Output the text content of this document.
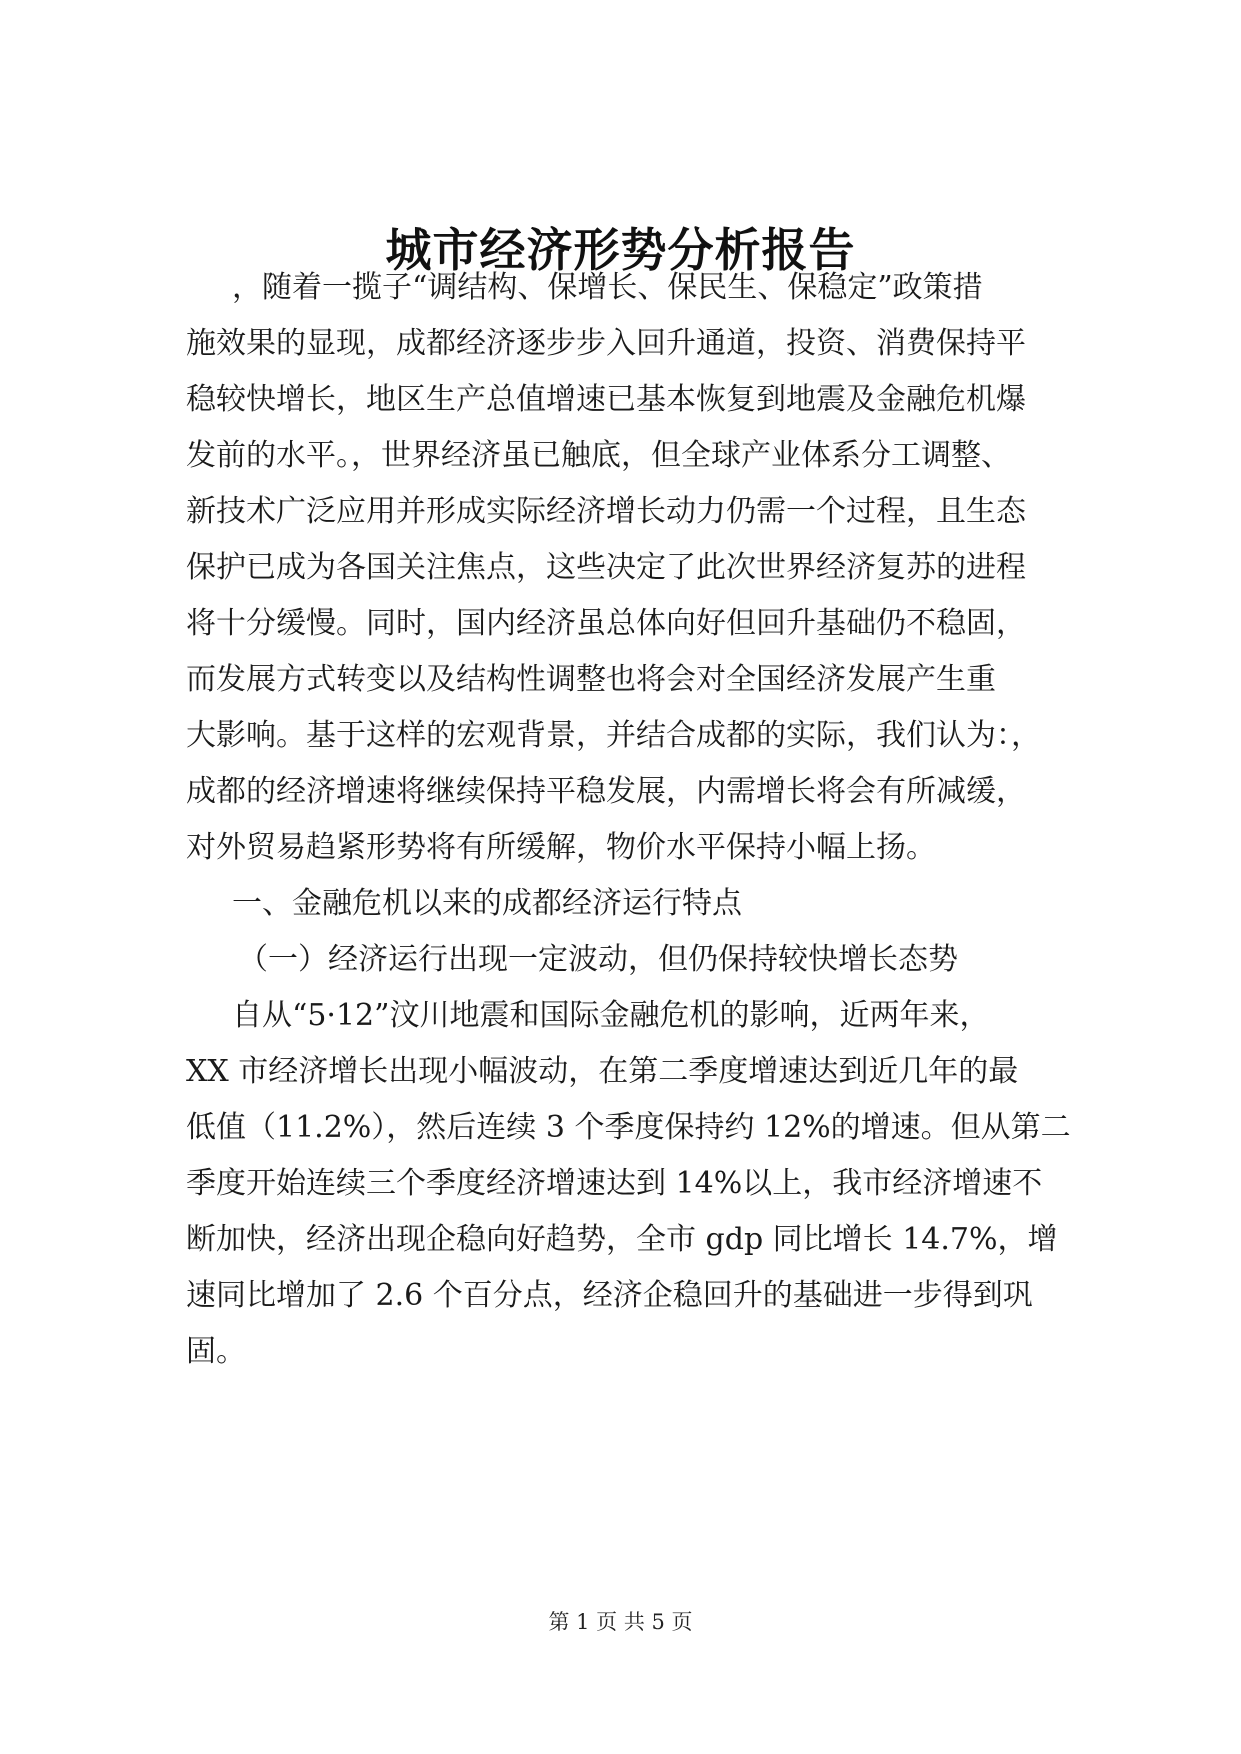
城市经济形势分析报告
，随着一揽子“调结构、保增长、保民生、保稳定”政策措
施效果的显现，成都经济逐步步入回升通道，投资、消费保持平
稳较快增长，地区生产总值增速已基本恢复到地震及金融危机爆
发前的水平。，世界经济虽已触底，但全球产业体系分工调整、
新技术广泛应用并形成实际经济增长动力仍需一个过程，且生态
保护已成为各国关注焦点，这些决定了此次世界经济复苏的进程
将十分缓慢。同时，国内经济虽总体向好但回升基础仍不稳固，
而发展方式转变以及结构性调整也将会对全国经济发展产生重
大影响。基于这样的宏观背景，并结合成都的实际，我们认为：，
成都的经济增速将继续保持平稳发展，内需增长将会有所减缓，
对外贸易趋紧形势将有所缓解，物价水平保持小幅上扬。
一、金融危机以来的成都经济运行特点
（一）经济运行出现一定波动，但仍保持较快增长态势
自从“5·12”汶川地震和国际金融危机的影响，近两年来，
XX 市经济增长出现小幅波动，在第二季度增速达到近几年的最
低值（11.2%），然后连续 3 个季度保持约 12%的增速。但从第二
季度开始连续三个季度经济增速达到 14%以上，我市经济增速不
断加快，经济出现企稳向好趋势，全市 gdp 同比增长 14.7%，增
速同比增加了 2.6 个百分点，经济企稳回升的基础进一步得到巩
固。
第 1 页 共 5 页
